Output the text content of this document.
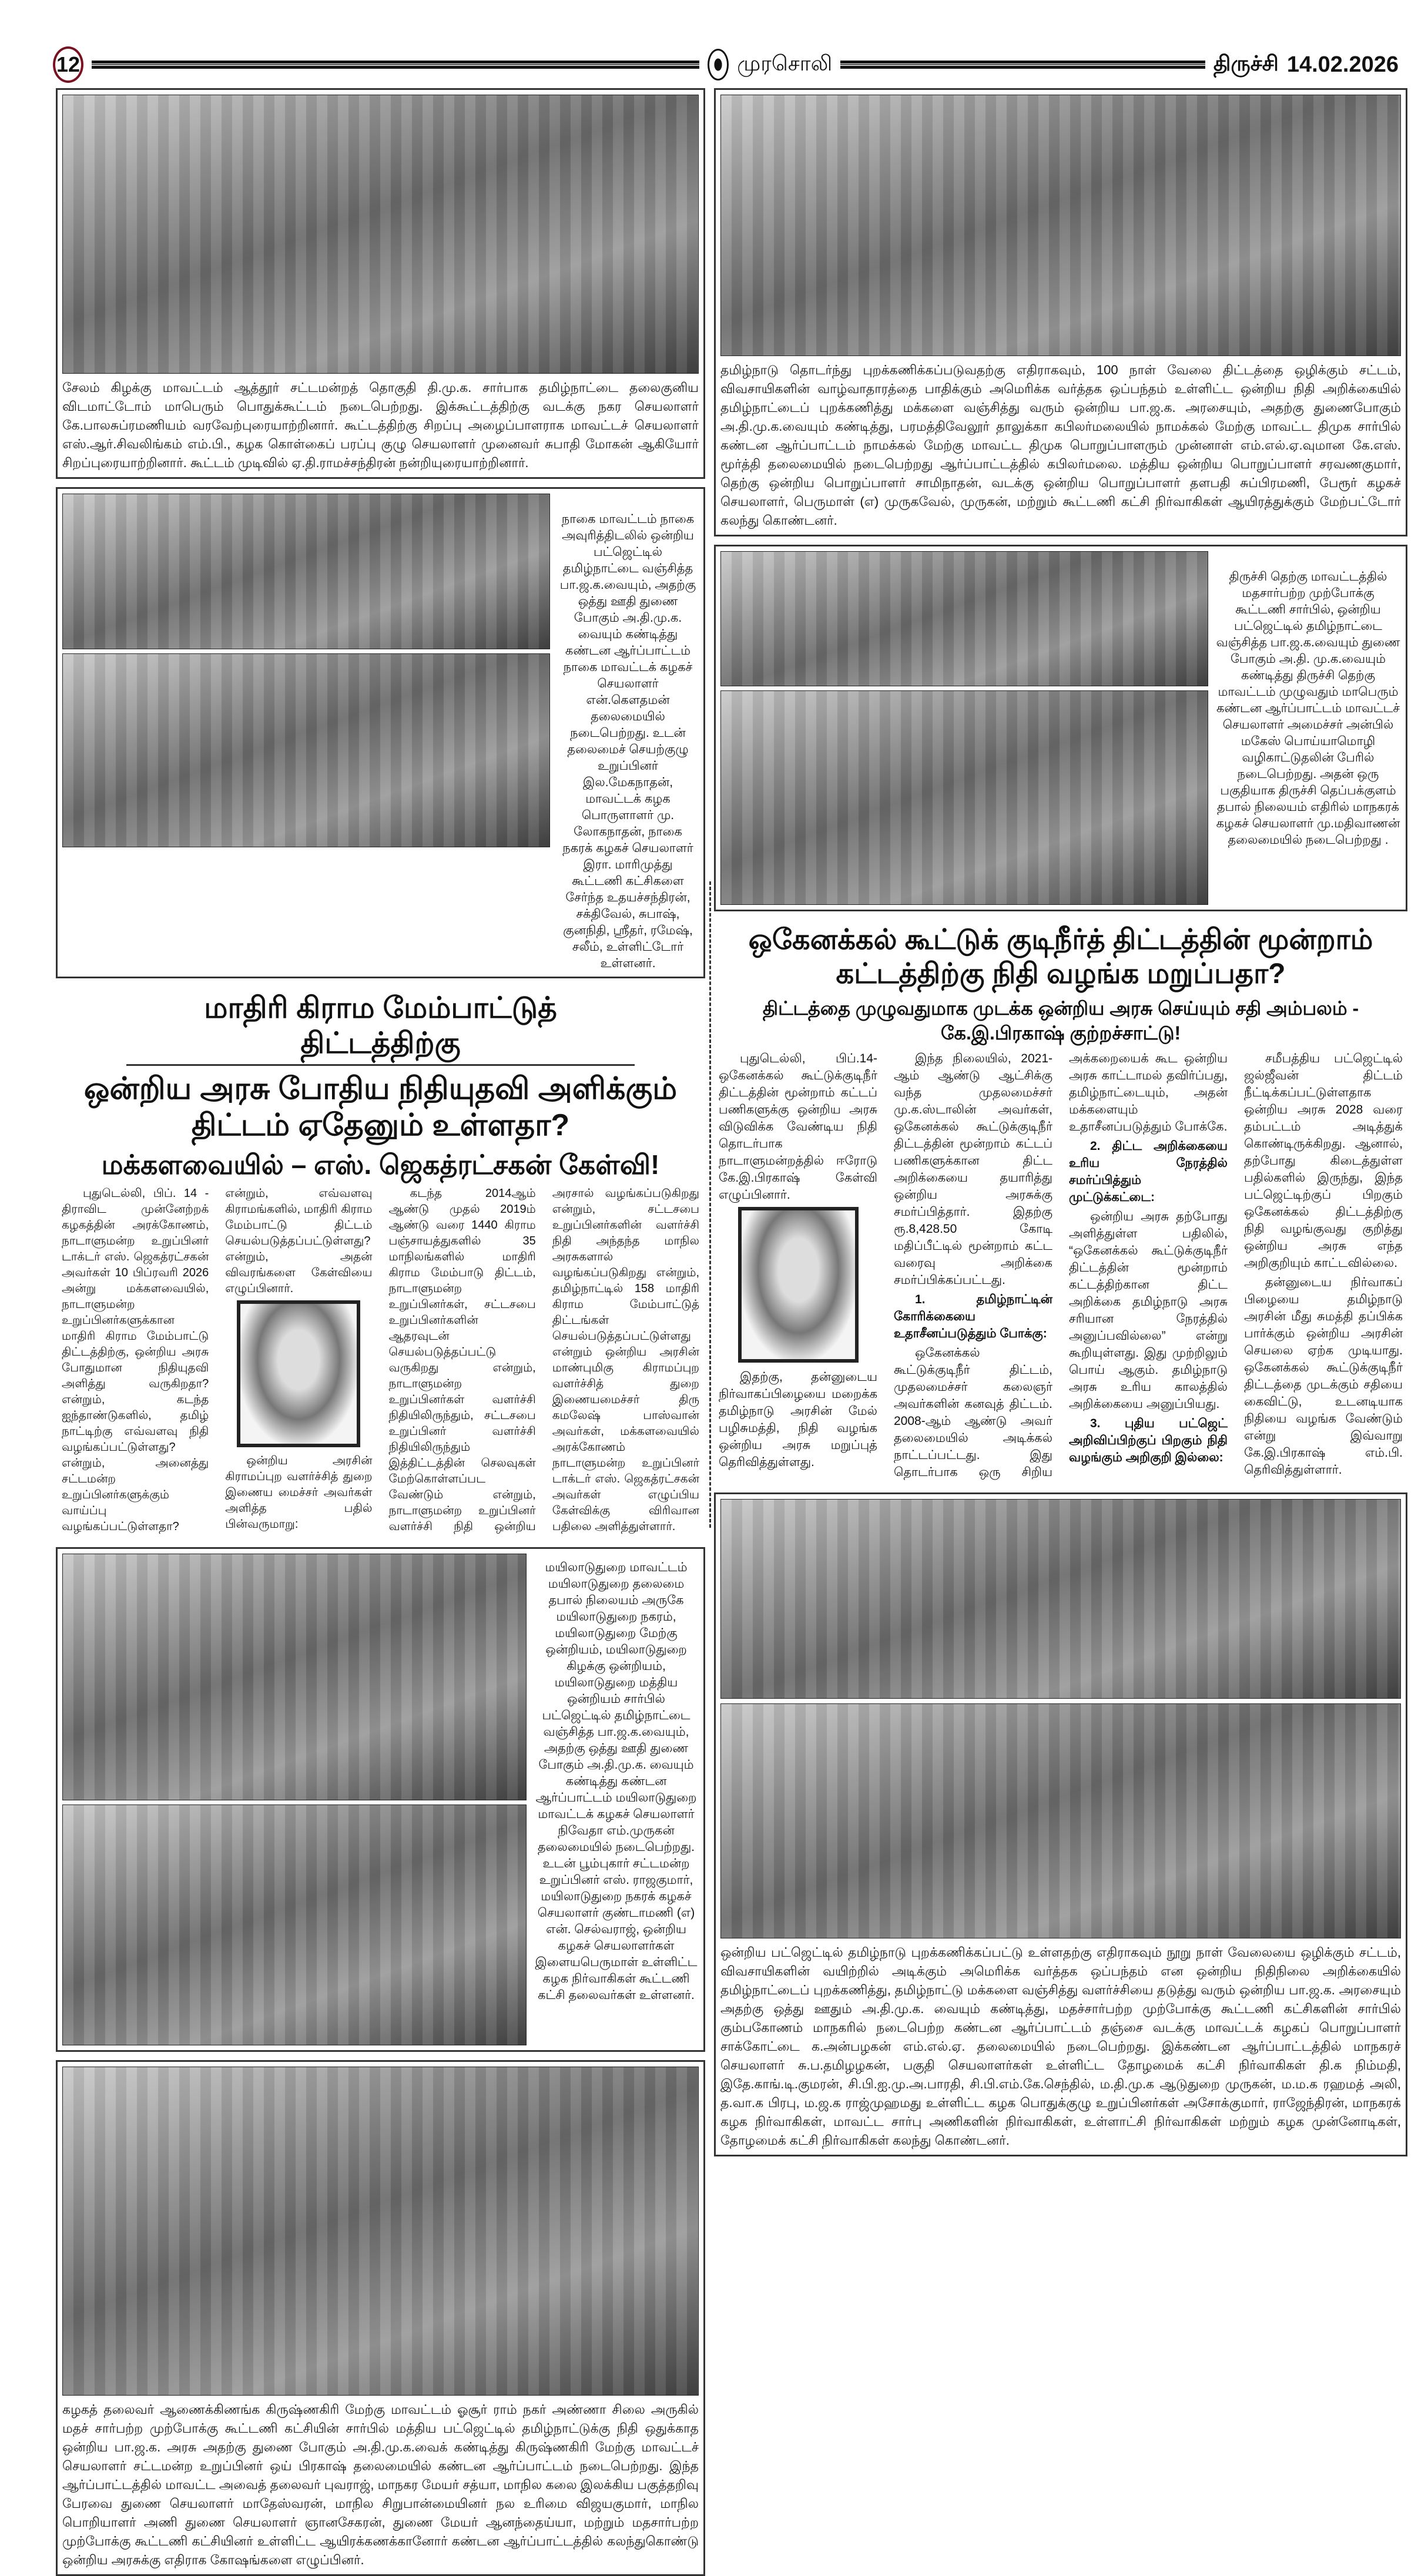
12	முரசொலி	திருச்சி 14.02.2026
சேலம் கிழக்கு மாவட்டம் ஆத்தூர் சட்டமன்றத் தொகுதி தி.மு.க. சார்பாக தமிழ்நாட்டை தலைகுனிய விடமாட்டோம் மாபெரும் பொதுக்கூட்டம் நடைபெற்றது. இக்கூட்டத்திற்கு வடக்கு நகர செயலாளர் கே.பாலசுப்ரமணியம் வரவேற்புரையாற்றினார். கூட்டத்திற்கு சிறப்பு அழைப்பாளராக மாவட்டச் செயலாளர் எஸ்.ஆர்.சிவலிங்கம் எம்.பி., கழக கொள்கைப் பரப்பு குழு செயலாளர் முனைவர் சுபாதி மோகன் ஆகியோர் சிறப்புரையாற்றினார். கூட்டம் முடிவில் ஏ.தி.ராமச்சந்திரன் நன்றியுரையாற்றினார்.
நாகை மாவட்டம் நாகை அவுரித்திடலில் ஒன்றிய பட்ஜெட்டில் தமிழ்நாட்டை வஞ்சித்த பா.ஜ.க.வையும், அதற்கு ஒத்து ஊதி துணை போகும் அ.தி.மு.க. வையும் கண்டித்து கண்டன ஆர்ப்பாட்டம் நாகை மாவட்டக் கழகச் செயலாளர் என்.கௌதமன் தலைமையில் நடைபெற்றது. உடன் தலைமைச் செயற்குழு உறுப்பினர் இல.மேகநாதன், மாவட்டக் கழக பொருளாளர் மு. லோகநாதன், நாகை நகரக் கழகச் செயலாளர் இரா. மாரிமுத்து கூட்டணி கட்சிகளை சேர்ந்த உதயச்சந்திரன், சக்திவேல், சுபாஷ், குனநிதி, ஸ்ரீதர், ரமேஷ், சலீம், உள்ளிட்டோர் உள்ளனர்.
மாதிரி கிராம மேம்பாட்டுத் திட்டத்திற்கு
ஒன்றிய அரசு போதிய நிதியுதவி அளிக்கும் திட்டம் ஏதேனும் உள்ளதா?
மக்களவையில் – எஸ். ஜெகத்ரட்சகன் கேள்வி!

புதுடெல்லி, பிப். 14 - திராவிட முன்னேற்றக் கழகத்தின் அரக்கோணம், நாடாளுமன்ற உறுப்பினர் டாக்டர் எஸ். ஜெகத்ரட்சகன் அவர்கள் 10 பிப்ரவரி 2026 அன்று மக்களவையில், நாடாளுமன்ற உறுப்பினர்களுக்கான மாதிரி கிராம மேம்பாட்டு திட்டத்திற்கு, ஒன்றிய அரசு போதுமான நிதியுதவி அளித்து வருகிறதா? என்றும், கடந்த ஐந்தாண்டுகளில், தமிழ் நாட்டிற்கு எவ்வளவு நிதி வழங்கப்பட்டுள்ளது? என்றும், அனைத்து சட்டமன்ற உறுப்பினர்களுக்கும் வாய்ப்பு வழங்கப்பட்டுள்ளதா? என்றும், எவ்வளவு கிராமங்களில், மாதிரி கிராம மேம்பாட்டு திட்டம் செயல்படுத்தப்பட்டுள்ளது? என்றும், அதன் விவரங்களை கேள்வியை எழுப்பினார்.

ஒன்றிய அரசின் கிராமப்புற வளர்ச்சித் துறை இணைய மைச்சர் அவர்கள் அளித்த பதில் பின்வருமாறு:

கடந்த 2014ஆம் ஆண்டு முதல் 2019ம் ஆண்டு வரை 1440 கிராம பஞ்சாயத்துகளில் 35 மாநிலங்களில் மாதிரி கிராம மேம்பாடு திட்டம், நாடாளுமன்ற உறுப்பினர்கள், சட்டசபை உறுப்பினர்களின் ஆதரவுடன் செயல்படுத்தப்பட்டு வருகிறது என்றும், நாடாளுமன்ற உறுப்பினர்கள் வளர்ச்சி நிதியிலிருந்தும், சட்டசபை உறுப்பினர் வளர்ச்சி நிதியிலிருந்தும் இத்திட்டத்தின் செலவுகள் மேற்கொள்ளப்பட வேண்டும் என்றும், நாடாளுமன்ற உறுப்பினர் வளர்ச்சி நிதி ஒன்றிய அரசால் வழங்கப்படுகிறது என்றும், சட்டசபை உறுப்பினர்களின் வளர்ச்சி நிதி அந்தந்த மாநில அரசுகளால் வழங்கப்படுகிறது என்றும், தமிழ்நாட்டில் 158 மாதிரி கிராம மேம்பாட்டுத் திட்டங்கள் செயல்படுத்தப்பட்டுள்ளது என்றும் ஒன்றிய அரசின் மாண்புமிகு கிராமப்புற வளர்ச்சித் துறை இணையமைச்சர் திரு கமலேஷ் பாஸ்வான் அவர்கள், மக்களவையில் அரக்கோணம் நாடாளுமன்ற உறுப்பினர் டாக்டர் எஸ். ஜெகத்ரட்சகன் அவர்கள் எழுப்பிய கேள்விக்கு விரிவான பதிலை அளித்துள்ளார்.

மயிலாடுதுறை மாவட்டம் மயிலாடுதுறை தலைமை தபால் நிலையம் அருகே மயிலாடுதுறை நகரம், மயிலாடுதுறை மேற்கு ஒன்றியம், மயிலாடுதுறை கிழக்கு ஒன்றியம், மயிலாடுதுறை மத்திய ஒன்றியம் சார்பில் பட்ஜெட்டில் தமிழ்நாட்டை வஞ்சித்த பா.ஜ.க.வையும், அதற்கு ஒத்து ஊதி துணை போகும் அ.தி.மு.க. வையும் கண்டித்து கண்டன ஆர்ப்பாட்டம் மயிலாடுதுறை மாவட்டக் கழகச் செயலாளர் நிவேதா எம்.முருகன் தலைமையில் நடைபெற்றது. உடன் பூம்புகார் சட்டமன்ற உறுப்பினர் எஸ். ராஜகுமார், மயிலாடுதுறை நகரக் கழகச் செயலாளர் குண்டாமணி (எ) என். செல்வராஜ், ஒன்றிய கழகச் செயலாளர்கள் இளையபெருமாள் உள்ளிட்ட கழக நிர்வாகிகள் கூட்டணி கட்சி தலைவர்கள் உள்ளனர்.
கழகத் தலைவர் ஆணைக்கிணங்க கிருஷ்ணகிரி மேற்கு மாவட்டம் ஓசூர் ராம் நகர் அண்ணா சிலை அருகில் மதச் சார்பற்ற முற்போக்கு கூட்டணி கட்சியின் சார்பில் மத்திய பட்ஜெட்டில் தமிழ்நாட்டுக்கு நிதி ஒதுக்காத ஒன்றிய பா.ஜ.க. அரசு அதற்கு துணை போகும் அ.தி.மு.க.வைக் கண்டித்து கிருஷ்ணகிரி மேற்கு மாவட்டச் செயலாளர் சட்டமன்ற உறுப்பினர் ஒய் பிரகாஷ் தலைமையில் கண்டன ஆர்ப்பாட்டம் நடைபெற்றது. இந்த ஆர்ப்பாட்டத்தில் மாவட்ட அவைத் தலைவர் புவராஜ், மாநகர மேயர் சத்யா, மாநில கலை இலக்கிய பகுத்தறிவு பேரவை துணை செயலாளர் மாதேஸ்வரன், மாநில சிறுபான்மையினர் நல உரிமை விஜயகுமார், மாநில பொறியாளர் அணி துணை செயலாளர் ஞானசேகரன், துணை மேயர் ஆனந்தைய்யா, மற்றும் மதசார்பற்ற முற்போக்கு கூட்டணி கட்சியினர் உள்ளிட்ட ஆயிரக்கணக்கானோர் கண்டன ஆர்ப்பாட்டத்தில் கலந்துகொண்டு ஒன்றிய அரசுக்கு எதிராக கோஷங்களை எழுப்பினர்.
தமிழ்நாடு தொடர்ந்து புறக்கணிக்கப்படுவதற்கு எதிராகவும், 100 நாள் வேலை திட்டத்தை ஒழிக்கும் சட்டம், விவசாயிகளின் வாழ்வாதாரத்தை பாதிக்கும் அமெரிக்க வர்த்தக ஒப்பந்தம் உள்ளிட்ட ஒன்றிய நிதி அறிக்கையில் தமிழ்நாட்டைப் புறக்கணித்து மக்களை வஞ்சித்து வரும் ஒன்றிய பா.ஜ.க. அரசையும், அதற்கு துணைபோகும் அ.தி.மு.க.வையும் கண்டித்து, பரமத்திவேலூர் தாலுக்கா கபிலர்மலையில் நாமக்கல் மேற்கு மாவட்ட திமுக சார்பில் கண்டன ஆர்ப்பாட்டம் நாமக்கல் மேற்கு மாவட்ட திமுக பொறுப்பாளரும் முன்னாள் எம்.எல்.ஏ.வுமான கே.எஸ். மூர்த்தி தலைமையில் நடைபெற்றது ஆர்ப்பாட்டத்தில் கபிலர்மலை. மத்திய ஒன்றிய பொறுப்பாளர் சரவணகுமார், தெற்கு ஒன்றிய பொறுப்பாளர் சாமிநாதன், வடக்கு ஒன்றிய பொறுப்பாளர் தளபதி சுப்பிரமணி, பேரூர் கழகச் செயலாளர், பெருமாள் (எ) முருகவேல், முருகன், மற்றும் கூட்டணி கட்சி நிர்வாகிகள் ஆயிரத்துக்கும் மேற்பட்டோர் கலந்து கொண்டனர்.
திருச்சி தெற்கு மாவட்டத்தில் மதசார்பற்ற முற்போக்கு கூட்டணி சார்பில், ஒன்றிய பட்ஜெட்டில் தமிழ்நாட்டை வஞ்சித்த பா.ஜ.க.வையும் துணை போகும் அ.தி. மு.க.வையும் கண்டித்து திருச்சி தெற்கு மாவட்டம் முழுவதும் மாபெரும் கண்டன ஆர்ப்பாட்டம் மாவட்டச் செயலாளர் அமைச்சர் அன்பில் மகேஸ் பொய்யாமொழி வழிகாட்டுதலின் பேரில் நடைபெற்றது. அதன் ஒரு பகுதியாக திருச்சி தெப்பக்குளம் தபால் நிலையம் எதிரில் மாநகரக் கழகச் செயலாளர் மு.மதிவாணன் தலைமையில் நடைபெற்றது .
ஒகேனக்கல் கூட்டுக் குடிநீர்த் திட்டத்தின் மூன்றாம் கட்டத்திற்கு நிதி வழங்க மறுப்பதா?
திட்டத்தை முழுவதுமாக முடக்க ஒன்றிய அரசு செய்யும் சதி அம்பலம் - கே.இ.பிரகாஷ் குற்றச்சாட்டு!

புதுடெல்லி, பிப்.14- ஒகேனக்கல் கூட்டுக்குடிநீர் திட்டத்தின் மூன்றாம் கட்டப் பணிகளுக்கு ஒன்றிய அரசு விடுவிக்க வேண்டிய நிதி தொடர்பாக நாடாளுமன்றத்தில் ஈரோடு கே.இ.பிரகாஷ் கேள்வி எழுப்பினார்.

இதற்கு, தன்னுடைய நிர்வாகப்பிழையை மறைக்க தமிழ்நாடு அரசின் மேல் பழிசுமத்தி, நிதி வழங்க ஒன்றிய அரசு மறுப்புத் தெரிவித்துள்ளது.

இந்த நிலையில், 2021-ஆம் ஆண்டு ஆட்சிக்கு வந்த முதலமைச்சர் மு.க.ஸ்டாலின் அவர்கள், ஒகேனக்கல் கூட்டுக்குடிநீர் திட்டத்தின் மூன்றாம் கட்டப் பணிகளுக்கான திட்ட அறிக்கையை தயாரித்து ஒன்றிய அரசுக்கு சமர்ப்பித்தார். இதற்கு ரூ.8,428.50 கோடி மதிப்பீட்டில் மூன்றாம் கட்ட வரைவு அறிக்கை சமர்ப்பிக்கப்பட்டது.

1. தமிழ்நாட்டின் கோரிக்கையை உதாசீனப்படுத்தும் போக்கு:

ஒகேனக்கல் கூட்டுக்குடிநீர் திட்டம், முதலமைச்சர் கலைஞர் அவர்களின் கனவுத் திட்டம். 2008-ஆம் ஆண்டு அவர் தலைமையில் அடிக்கல் நாட்டப்பட்டது. இது தொடர்பாக ஒரு சிறிய அக்கறையைக் கூட ஒன்றிய அரசு காட்டாமல் தவிர்ப்பது, தமிழ்நாட்டையும், அதன் மக்களையும் உதாசீனப்படுத்தும் போக்கே.

2. திட்ட அறிக்கையை உரிய நேரத்தில் சமர்ப்பித்தும் முட்டுக்கட்டை:

ஒன்றிய அரசு தற்போது அளித்துள்ள பதிலில், “ஒகேனக்கல் கூட்டுக்குடிநீர் திட்டத்தின் மூன்றாம் கட்டத்திற்கான திட்ட அறிக்கை தமிழ்நாடு அரசு சரியான நேரத்தில் அனுப்பவில்லை” என்று கூறியுள்ளது. இது முற்றிலும் பொய் ஆகும். தமிழ்நாடு அரசு உரிய காலத்தில் அறிக்கையை அனுப்பியது.

3. புதிய பட்ஜெட் அறிவிப்பிற்குப் பிறகும் நிதி வழங்கும் அறிகுறி இல்லை:

சமீபத்திய பட்ஜெட்டில் ஜல்ஜீவன் திட்டம் நீட்டிக்கப்பட்டுள்ளதாக ஒன்றிய அரசு 2028 வரை தம்பட்டம் அடித்துக் கொண்டிருக்கிறது. ஆனால், தற்போது கிடைத்துள்ள பதில்களில் இருந்து, இந்த பட்ஜெட்டிற்குப் பிறகும் ஒகேனக்கல் திட்டத்திற்கு நிதி வழங்குவது குறித்து ஒன்றிய அரசு எந்த அறிகுறியும் காட்டவில்லை.

தன்னுடைய நிர்வாகப் பிழையை தமிழ்நாடு அரசின் மீது சுமத்தி தப்பிக்க பார்க்கும் ஒன்றிய அரசின் செயலை ஏற்க முடியாது. ஒகேனக்கல் கூட்டுக்குடிநீர் திட்டத்தை முடக்கும் சதியை கைவிட்டு, உடனடியாக நிதியை வழங்க வேண்டும் என்று இவ்வாறு கே.இ.பிரகாஷ் எம்.பி. தெரிவித்துள்ளார்.

ஒன்றிய பட்ஜெட்டில் தமிழ்நாடு புறக்கணிக்கப்பட்டு உள்ளதற்கு எதிராகவும் நூறு நாள் வேலையை ஒழிக்கும் சட்டம், விவசாயிகளின் வயிற்றில் அடிக்கும் அமெரிக்க வர்த்தக ஒப்பந்தம் என ஒன்றிய நிதிநிலை அறிக்கையில் தமிழ்நாட்டைப் புறக்கணித்து, தமிழ்நாட்டு மக்களை வஞ்சித்து வளர்ச்சியை தடுத்து வரும் ஒன்றிய பா.ஜ.க. அரசையும் அதற்கு ஒத்து ஊதும் அ.தி.மு.க. வையும் கண்டித்து, மதச்சார்பற்ற முற்போக்கு கூட்டணி கட்சிகளின் சார்பில் கும்பகோணம் மாநகரில் நடைபெற்ற கண்டன ஆர்ப்பாட்டம் தஞ்சை வடக்கு மாவட்டக் கழகப் பொறுப்பாளர் சாக்கோட்டை க.அன்பழகன் எம்.எல்.ஏ. தலைமையில் நடைபெற்றது. இக்கண்டன ஆர்ப்பாட்டத்தில் மாநகரச் செயலாளர் சு.ப.தமிழழகன், பகுதி செயலாளர்கள் உள்ளிட்ட தோழமைக் கட்சி நிர்வாகிகள் தி.க நிம்மதி, இதே.காங்.டி.குமரன், சி.பி.ஐ.மு.அ.பாரதி, சி.பி.எம்.கே.செந்தில், ம.தி.மு.க ஆடுதுறை முருகன், ம.ம.க ரஹமத் அலி, த.வா.க பிரபு, ம.ஜ.க ராஜ்முஹமது உள்ளிட்ட கழக பொதுக்குழு உறுப்பினர்கள் அசோக்குமார், ராஜேந்திரன், மாநகரக் கழக நிர்வாகிகள், மாவட்ட சார்பு அணிகளின் நிர்வாகிகள், உள்ளாட்சி நிர்வாகிகள் மற்றும் கழக முன்னோடிகள், தோழமைக் கட்சி நிர்வாகிகள் கலந்து கொண்டனர்.
